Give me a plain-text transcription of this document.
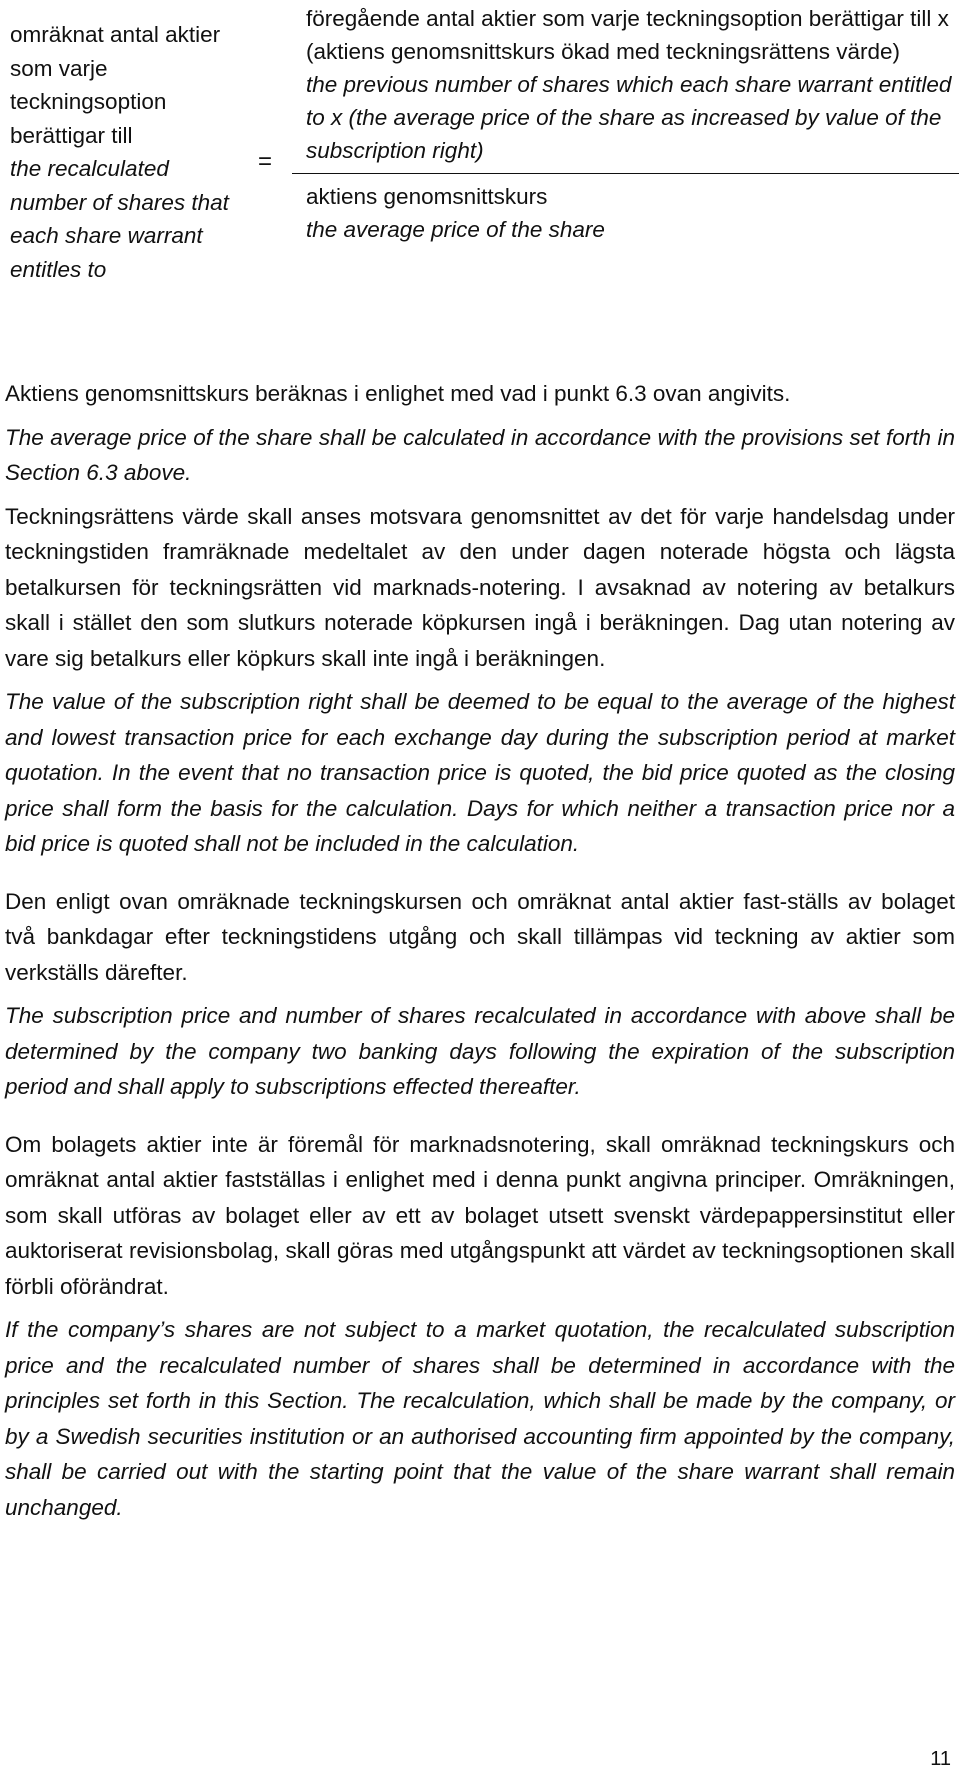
omräknat antal aktier som varje teckningsoption berättigar till
the recalculated number of shares that each share warrant entitles to
=
föregående antal aktier som varje teckningsoption berättigar till x (aktiens genomsnittskurs ökad med teckningsrättens värde)
the previous number of shares which each share warrant entitled to x (the average price of the share as increased by value of the subscription right)
aktiens genomsnittskurs
the average price of the share

Aktiens genomsnittskurs beräknas i enlighet med vad i punkt 6.3 ovan angivits.

The average price of the share shall be calculated in accordance with the provisions set forth in Section 6.3 above.

Teckningsrättens värde skall anses motsvara genomsnittet av det för varje handelsdag under teckningstiden framräknade medeltalet av den under dagen noterade högsta och lägsta betalkursen för teckningsrätten vid marknads-notering. I avsaknad av notering av betalkurs skall i stället den som slutkurs noterade köpkursen ingå i beräkningen. Dag utan notering av vare sig betalkurs eller köpkurs skall inte ingå i beräkningen.

The value of the subscription right shall be deemed to be equal to the average of the highest and lowest transaction price for each exchange day during the subscription period at market quotation. In the event that no transaction price is quoted, the bid price quoted as the closing price shall form the basis for the calculation. Days for which neither a transaction price nor a bid price is quoted shall not be included in the calculation.

Den enligt ovan omräknade teckningskursen och omräknat antal aktier fast-ställs av bolaget två bankdagar efter teckningstidens utgång och skall tillämpas vid teckning av aktier som verkställs därefter.

The subscription price and number of shares recalculated in accordance with above shall be determined by the company two banking days following the expiration of the subscription period and shall apply to subscriptions effected thereafter.

Om bolagets aktier inte är föremål för marknadsnotering, skall omräknad teckningskurs och omräknat antal aktier fastställas i enlighet med i denna punkt angivna principer. Omräkningen, som skall utföras av bolaget eller av ett av bolaget utsett svenskt värdepappersinstitut eller auktoriserat revisionsbolag, skall göras med utgångspunkt att värdet av teckningsoptionen skall förbli oförändrat.

If the company’s shares are not subject to a market quotation, the recalculated subscription price and the recalculated number of shares shall be determined in accordance with the principles set forth in this Section. The recalculation, which shall be made by the company, or by a Swedish securities institution or an authorised accounting firm appointed by the company, shall be carried out with the starting point that the value of the share warrant shall remain unchanged.

11
